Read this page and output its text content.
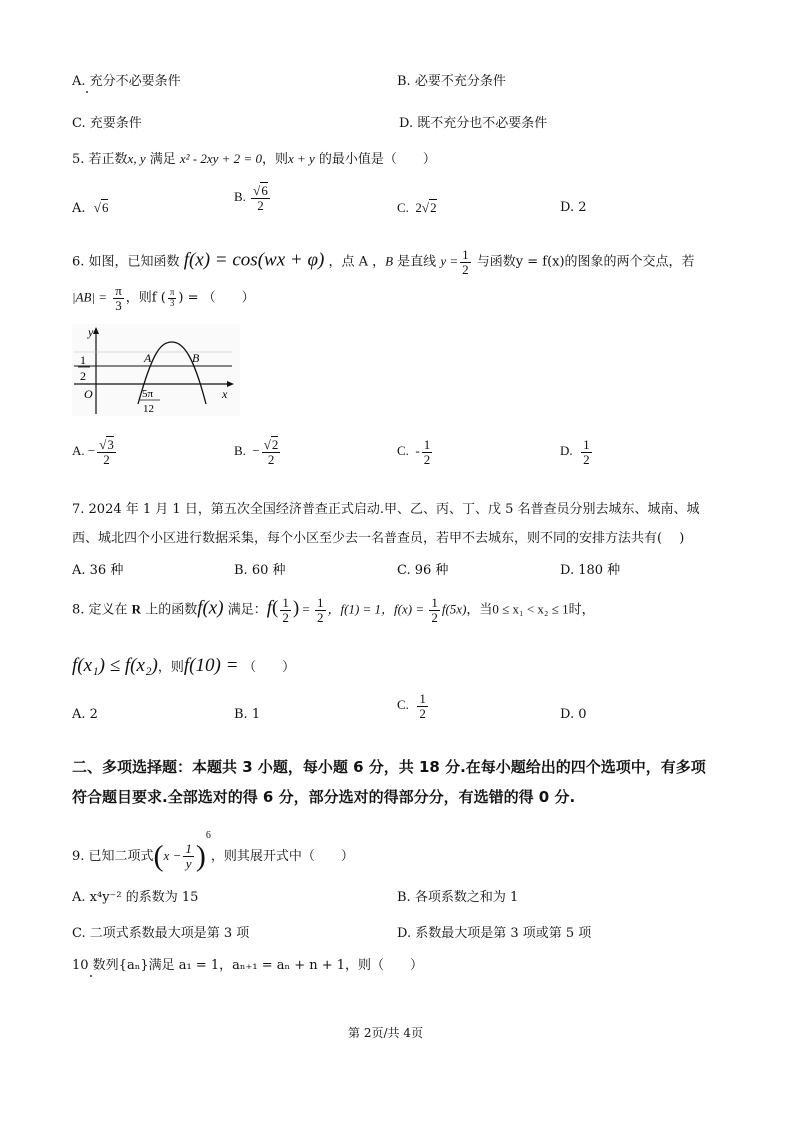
A. 充分不必要条件	B. 必要不充分条件
C. 充要条件	D. 既不充分也不必要条件
5. 若正数x, y 满足 x² - 2xy + 2 = 0，则x + y 的最小值是（　　）
A. √6
B. $\frac{√6}{2}$	C. 2√2	D. 2
6. 如图，已知函数 f(x) = cos(wx + φ) ，点 A ，B 是直线 $y = \frac{1}{2}$ 与函数y = f(x)的图象的两个交点，若
$|AB| = \frac{\pi}{3}$ ，则f ( $\frac{\pi}{3}$ ) = （　　）
1
2
y
x
O
A	B
5π
12
A. − $\frac{√3}{2}$	B. − $\frac{√2}{2}$	C. - $\frac{1}{2}$	D. $\frac{1}{2}$
7. 2024 年 1 月 1 日，第五次全国经济普查正式启动.甲、乙、丙、丁、戊 5 名普查员分别去城东、城南、城
西、城北四个小区进行数据采集，每个小区至少去一名普查员，若甲不去城东，则不同的安排方法共有(　 )
A. 36 种	B. 60 种	C. 96 种	D. 180 种
8. 定义在 R 上的函数f(x) 满足：$f( \frac{1}{2}$ ) = $\frac{1}{2}$ ，f(1) = 1，$f(x) = \frac{1}{2} f(5x)$，当0 ≤ x₁ < x₂ ≤ 1时，
f(x₁) ≤ f(x₂)，则f(10) = （　　）
A. 2	B. 1
C. $\frac{1}{2}$	D. 0
二、多项选择题：本题共 3 小题，每小题 6 分，共 18 分.在每小题给出的四个选项中，有多项
符合题目要求.全部选对的得 6 分，部分选对的得部分分，有选错的得 0 分.
9. 已知二项式$(x - \frac{1}{y} )^6$，则其展开式中（　　）
A. x⁴y⁻² 的系数为 15	B. 各项系数之和为 1
C. 二项式系数最大项是第 3 项	D. 系数最大项是第 3 项或第 5 项
10 数列{aₙ}满足 a₁ = 1，aₙ₊₁ = aₙ + n + 1，则（　　）
第 2页/共 4页
